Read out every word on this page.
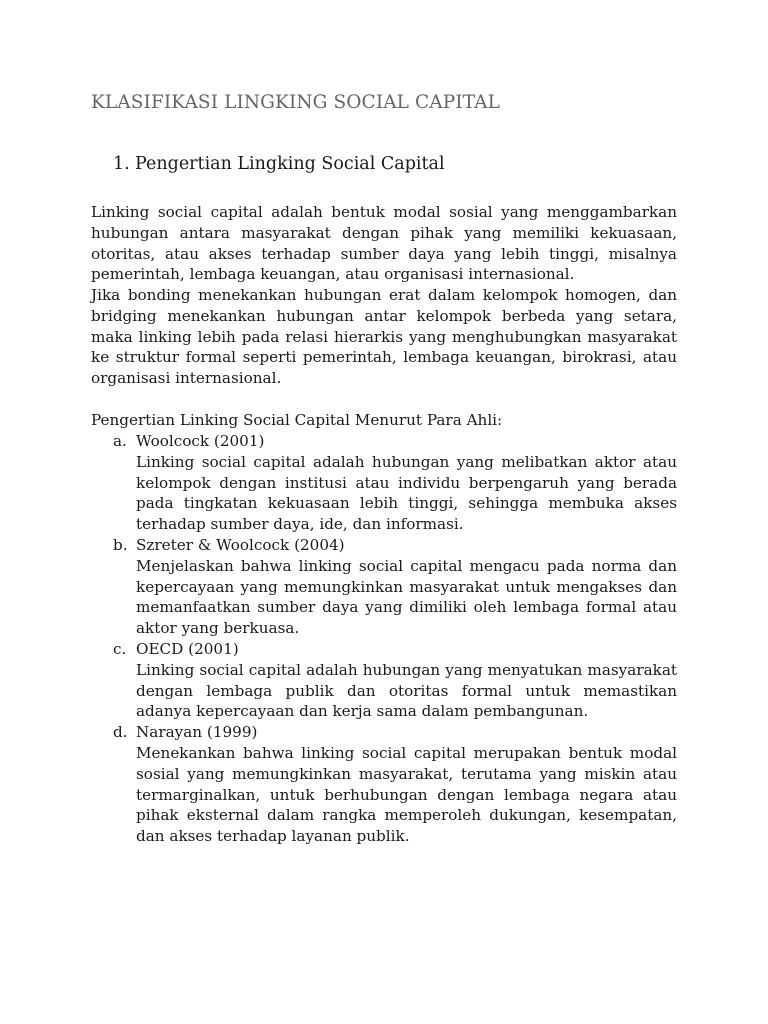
KLASIFIKASI LINGKING SOCIAL CAPITAL
1. Pengertian Lingking Social Capital

Linking social capital adalah bentuk modal sosial yang menggambarkan hubungan antara masyarakat dengan pihak yang memiliki kekuasaan, otoritas, atau akses terhadap sumber daya yang lebih tinggi, misalnya pemerintah, lembaga keuangan, atau organisasi internasional.

Jika bonding menekankan hubungan erat dalam kelompok homogen, dan bridging menekankan hubungan antar kelompok berbeda yang setara, maka linking lebih pada relasi hierarkis yang menghubungkan masyarakat ke struktur formal seperti pemerintah, lembaga keuangan, birokrasi, atau organisasi internasional.

Pengertian Linking Social Capital Menurut Para Ahli:

a. Woolcock (2001)
Linking social capital adalah hubungan yang melibatkan aktor atau kelompok dengan institusi atau individu berpengaruh yang berada pada tingkatan kekuasaan lebih tinggi, sehingga membuka akses terhadap sumber daya, ide, dan informasi.
b. Szreter & Woolcock (2004)
Menjelaskan bahwa linking social capital mengacu pada norma dan kepercayaan yang memungkinkan masyarakat untuk mengakses dan memanfaatkan sumber daya yang dimiliki oleh lembaga formal atau aktor yang berkuasa.
c. OECD (2001)
Linking social capital adalah hubungan yang menyatukan masyarakat dengan lembaga publik dan otoritas formal untuk memastikan adanya kepercayaan dan kerja sama dalam pembangunan.
d. Narayan (1999)
Menekankan bahwa linking social capital merupakan bentuk modal sosial yang memungkinkan masyarakat, terutama yang miskin atau termarginalkan, untuk berhubungan dengan lembaga negara atau pihak eksternal dalam rangka memperoleh dukungan, kesempatan, dan akses terhadap layanan publik.
